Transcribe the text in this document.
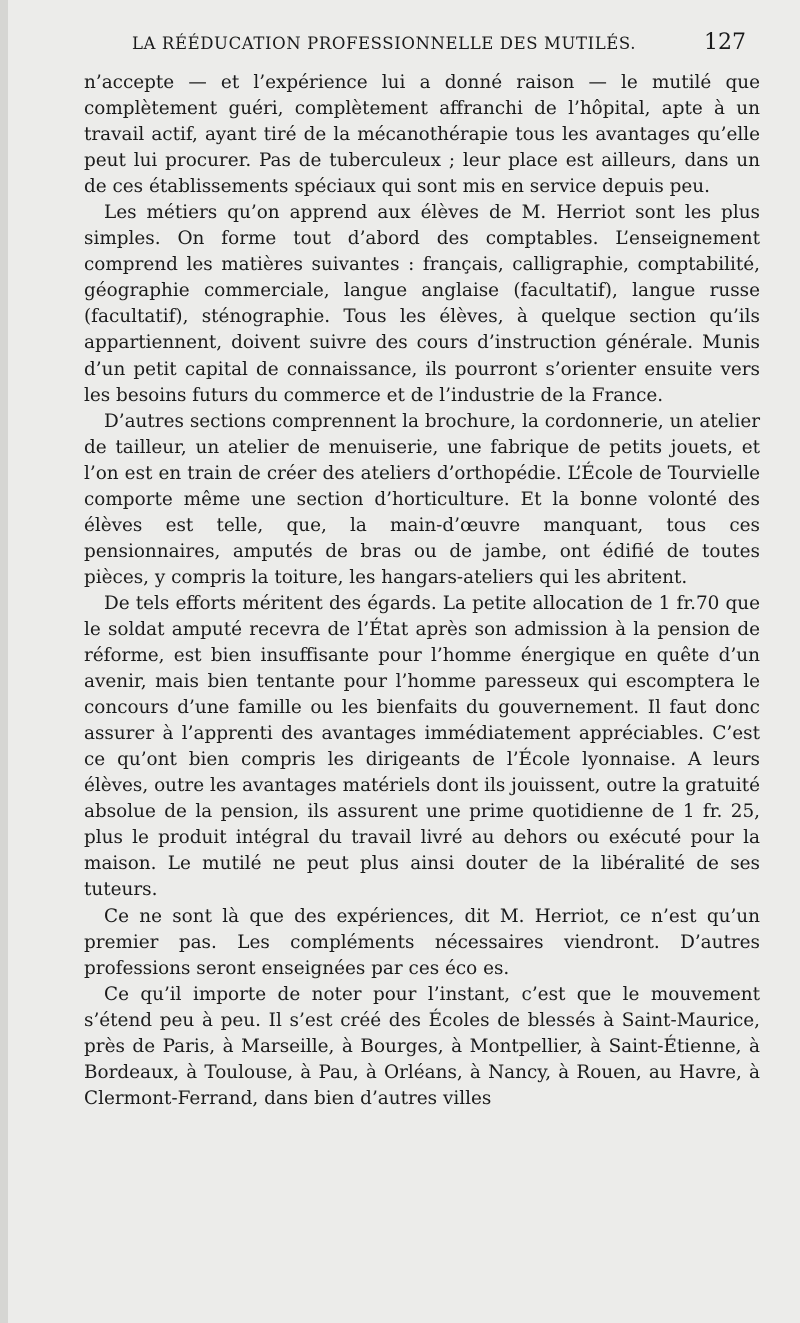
LA RÉÉDUCATION PROFESSIONNELLE DES MUTILÉS.	127

n’accepte — et l’expérience lui a donné raison — le mutilé que complètement guéri, complètement affranchi de l’hôpital, apte à un travail actif, ayant tiré de la mécanothérapie tous les avantages qu’elle peut lui procurer. Pas de tuberculeux ; leur place est ailleurs, dans un de ces établissements spéciaux qui sont mis en service depuis peu.

Les métiers qu’on apprend aux élèves de M. Herriot sont les plus simples. On forme tout d’abord des comptables. L’enseignement comprend les matières suivantes : français, calligraphie, comptabilité, géographie commerciale, langue anglaise (facultatif), langue russe (facultatif), sténographie. Tous les élèves, à quelque section qu’ils appartiennent, doivent suivre des cours d’instruction générale. Munis d’un petit capital de connaissance, ils pourront s’orienter ensuite vers les besoins futurs du commerce et de l’industrie de la France.

D’autres sections comprennent la brochure, la cordonnerie, un atelier de tailleur, un atelier de menuiserie, une fabrique de petits jouets, et l’on est en train de créer des ateliers d’orthopédie. L’École de Tourvielle comporte même une section d’horticulture. Et la bonne volonté des élèves est telle, que, la main-d’œuvre manquant, tous ces pensionnaires, amputés de bras ou de jambe, ont édifié de toutes pièces, y compris la toiture, les hangars-ateliers qui les abritent.

De tels efforts méritent des égards. La petite allocation de 1 fr.70 que le soldat amputé recevra de l’État après son admission à la pension de réforme, est bien insuffisante pour l’homme énergique en quête d’un avenir, mais bien tentante pour l’homme paresseux qui escomptera le concours d’une famille ou les bienfaits du gouvernement. Il faut donc assurer à l’apprenti des avantages immédiatement appréciables. C’est ce qu’ont bien compris les dirigeants de l’École lyonnaise. A leurs élèves, outre les avantages matériels dont ils jouissent, outre la gratuité absolue de la pension, ils assurent une prime quotidienne de 1 fr. 25, plus le produit intégral du travail livré au dehors ou exécuté pour la maison. Le mutilé ne peut plus ainsi douter de la libéralité de ses tuteurs.

Ce ne sont là que des expériences, dit M. Herriot, ce n’est qu’un premier pas. Les compléments nécessaires viendront. D’autres professions seront enseignées par ces éco es.

Ce qu’il importe de noter pour l’instant, c’est que le mouvement s’étend peu à peu. Il s’est créé des Écoles de blessés à Saint-Maurice, près de Paris, à Marseille, à Bourges, à Montpellier, à Saint-Étienne, à Bordeaux, à Toulouse, à Pau, à Orléans, à Nancy, à Rouen, au Havre, à Clermont-Ferrand, dans bien d’autres villes
